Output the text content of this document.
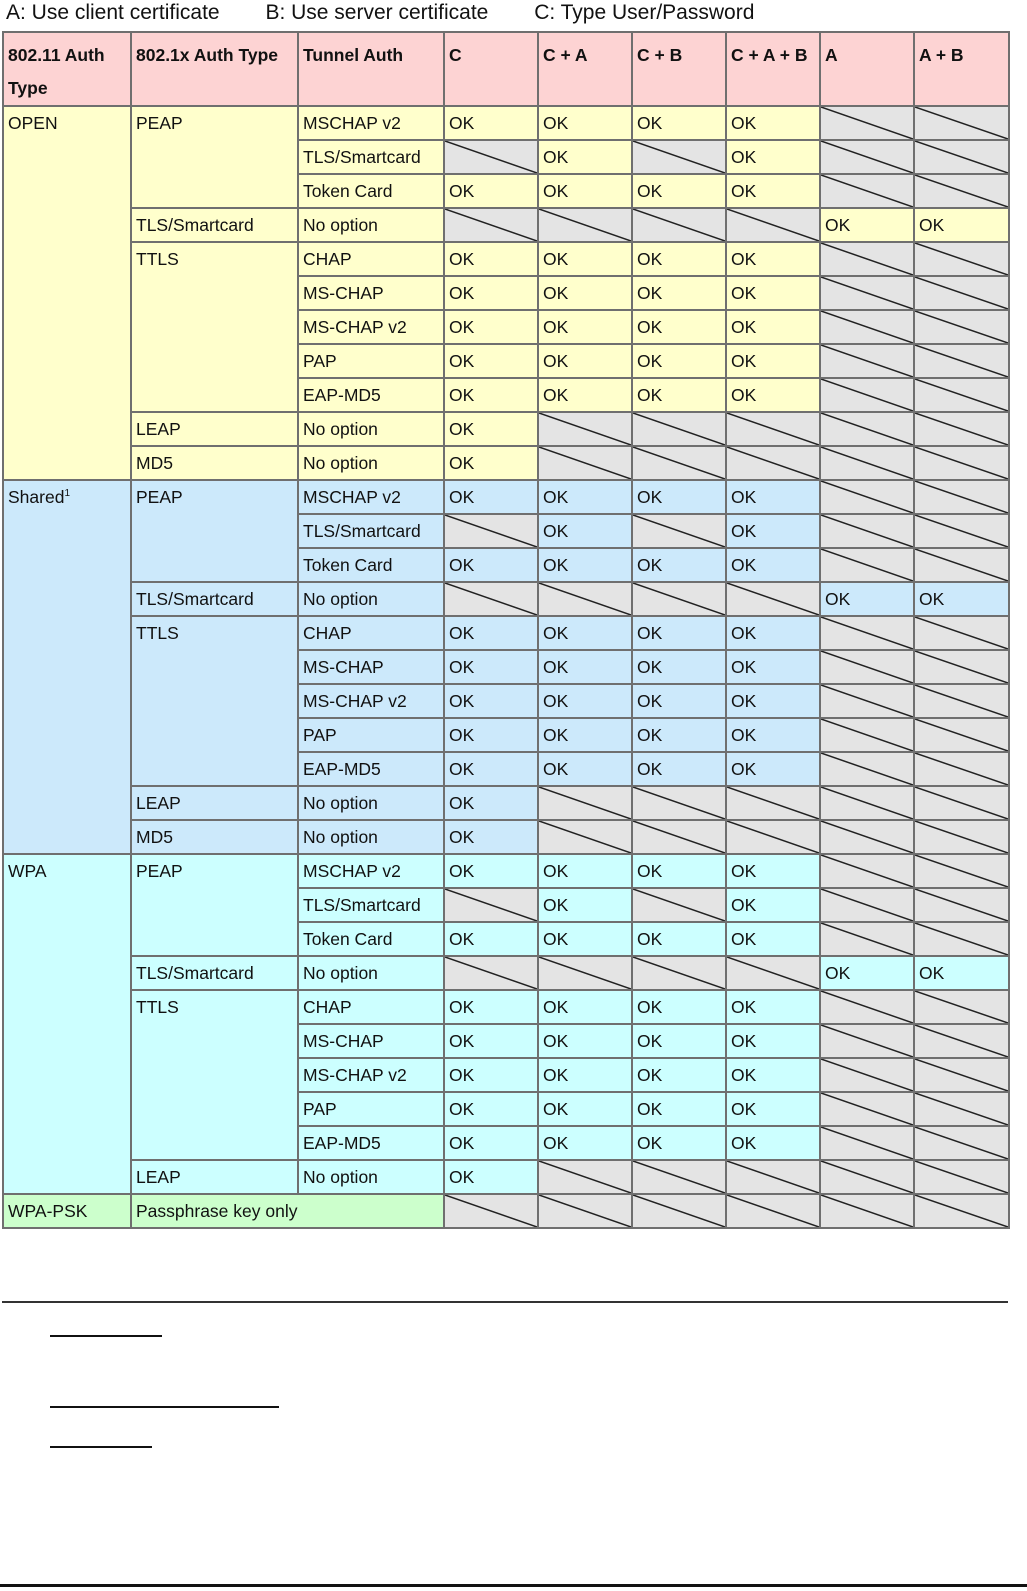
A: Use client certificate B: Use server certificate C: Type User/Password
802.11 Auth Type	802.1x Auth Type	Tunnel Auth	C	C + A	C + B	C + A + B	A	A + B
OPEN	PEAP	MSCHAP v2	OK	OK	OK	OK		
		TLS/Smartcard		OK		OK		
		Token Card	OK	OK	OK	OK		
	TLS/Smartcard	No option					OK	OK
	TTLS	CHAP	OK	OK	OK	OK		
		MS-CHAP	OK	OK	OK	OK		
		MS-CHAP v2	OK	OK	OK	OK		
		PAP	OK	OK	OK	OK		
		EAP-MD5	OK	OK	OK	OK		
	LEAP	No option	OK					
	MD5	No option	OK					
Shared$^1$	PEAP	MSCHAP v2	OK	OK	OK	OK		
		TLS/Smartcard		OK		OK		
		Token Card	OK	OK	OK	OK		
	TLS/Smartcard	No option					OK	OK
	TTLS	CHAP	OK	OK	OK	OK		
		MS-CHAP	OK	OK	OK	OK		
		MS-CHAP v2	OK	OK	OK	OK		
		PAP	OK	OK	OK	OK		
		EAP-MD5	OK	OK	OK	OK		
	LEAP	No option	OK					
	MD5	No option	OK					
WPA	PEAP	MSCHAP v2	OK	OK	OK	OK		
		TLS/Smartcard		OK		OK		
		Token Card	OK	OK	OK	OK		
	TLS/Smartcard	No option					OK	OK
	TTLS	CHAP	OK	OK	OK	OK		
		MS-CHAP	OK	OK	OK	OK		
		MS-CHAP v2	OK	OK	OK	OK		
		PAP	OK	OK	OK	OK		
		EAP-MD5	OK	OK	OK	OK		
	LEAP	No option	OK					
WPA-PSK	Passphrase key only							
